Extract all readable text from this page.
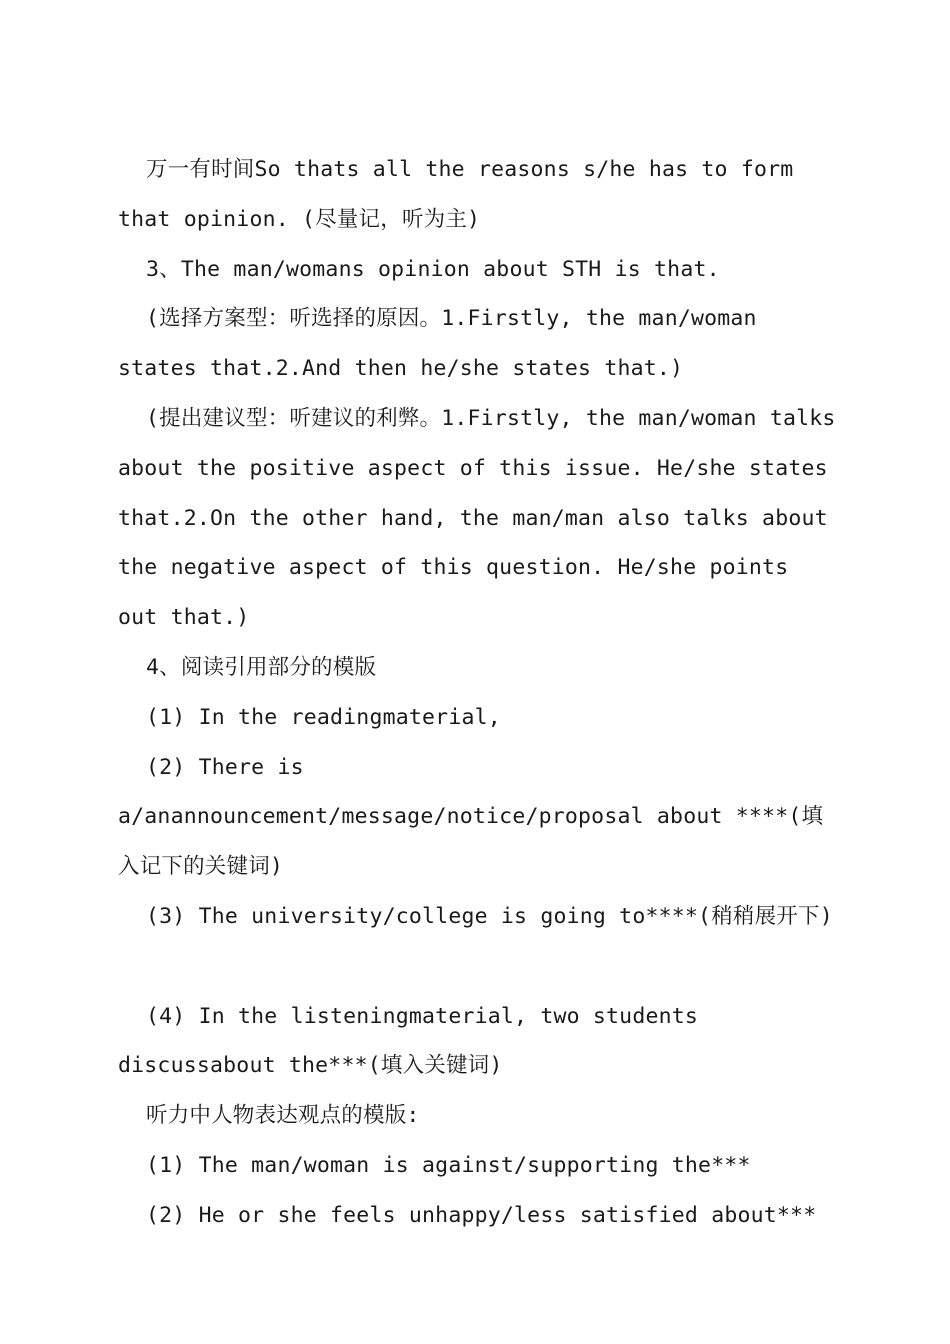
万一有时间So thats all the reasons s/he has to form that opinion. (尽量记，听为主)

3、The man/womans opinion about STH is that.

(选择方案型：听选择的原因。1.Firstly, the man/woman states that.2.And then he/she states that.)

(提出建议型：听建议的利弊。1.Firstly, the man/woman talks about the positive aspect of this issue. He/she states that.2.On the other hand, the man/man also talks about the negative aspect of this question. He/she points out that.)

4、阅读引用部分的模版

(1) In the readingmaterial,

(2) There is a/anannouncement/message/notice/proposal about ****(填入记下的关键词)

(3) The university/college is going to****(稍稍展开下)

(4) In the listeningmaterial, two students discussabout the***(填入关键词)

听力中人物表达观点的模版:

(1) The man/woman is against/supporting the***

(2) He or she feels unhappy/less satisfied about***
